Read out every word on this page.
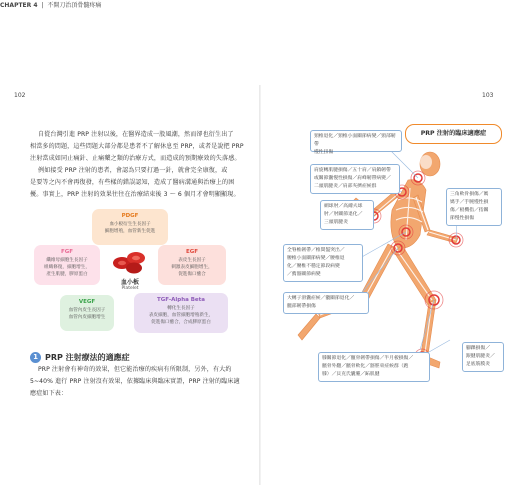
102
CHAPTER 4 | 不開刀治頂骨髓疼痛
自從台灣引進 PRP 注射以後，在醫界造成一股風潮，然而卻也衍生出了
相當多的問題，這些問題大部分都是患者不了解休息至 PRP，或者是說把 PRP
注射當成如同止痛針、止痛藥之類的治療方式，而造成的預期療效的失落感。
例如接受 PRP 注射的患者，會認為只要打過一針，就會完全康復，或
是要等之內不會再復發，有些樣的錯誤認知，造成了醫病溝通與治療上的困
擾。事實上，PRP 注射的效果往往在治療結束後 3 ～ 6 個月才會明顯顯現。
PDGF
血小板衍生生長因子
細胞增殖，血管新生促進
FGF
纖維母細胞生長因子
組織修復，細胞增生，
產生肌腱，膠原蛋白
EGF
表皮生長因子
刺激表皮細胞增生，
促進傷口癒合
VEGF
血管內皮生長因子
血管內皮細胞增生
TGF-Alpha Beta
轉化生長因子
表皮細胞，血管細胞增殖新生，
促進傷口癒合，合成膠原蛋白
血小板
Platelet
1 PRP 注射療法的適應症
PRP 注射會有神奇的效果，但它能治療的疾病有所限制，另外，有大約
5~40% 進行 PRP 注射沒有效果，依據臨床與臨床實證，PRP 注射的臨床適
應症如下表：
103
PRP 注射的臨床適應症
頸椎退化／頸椎小面關節病變／頸部韌帶
慢性扭傷
肩旋轉肌腱損傷／五十肩／肩鎖韌帶
或關節囊慢性損傷／肩峰韌帶病變／
二頭肌腱炎／肩部夾擠症候群
網球肘／高爾夫球
肘／肘關節退化／
三頭肌腱炎
全脊椎韌帶／椎間盤突出／
腰椎小面關節病變／腰椎退
化／腰椎不穩定節段病變
／薦髂關節病變
大轉子滑囊症候／髖關節退化／
髖部韌帶損傷
膝關節退化／髕骨韌帶損傷／半月板損傷／
髕骨外翻／髕骨軟化／髂脛束症候群（跑
膝）／貝克氏囊腫／跖肌腱
三角軟骨損傷／媽
媽手／手腕慢性損
傷／板機指／指關
節慢性損傷
腳踝損傷／
跟腱肌腱炎／
足底筋膜炎
